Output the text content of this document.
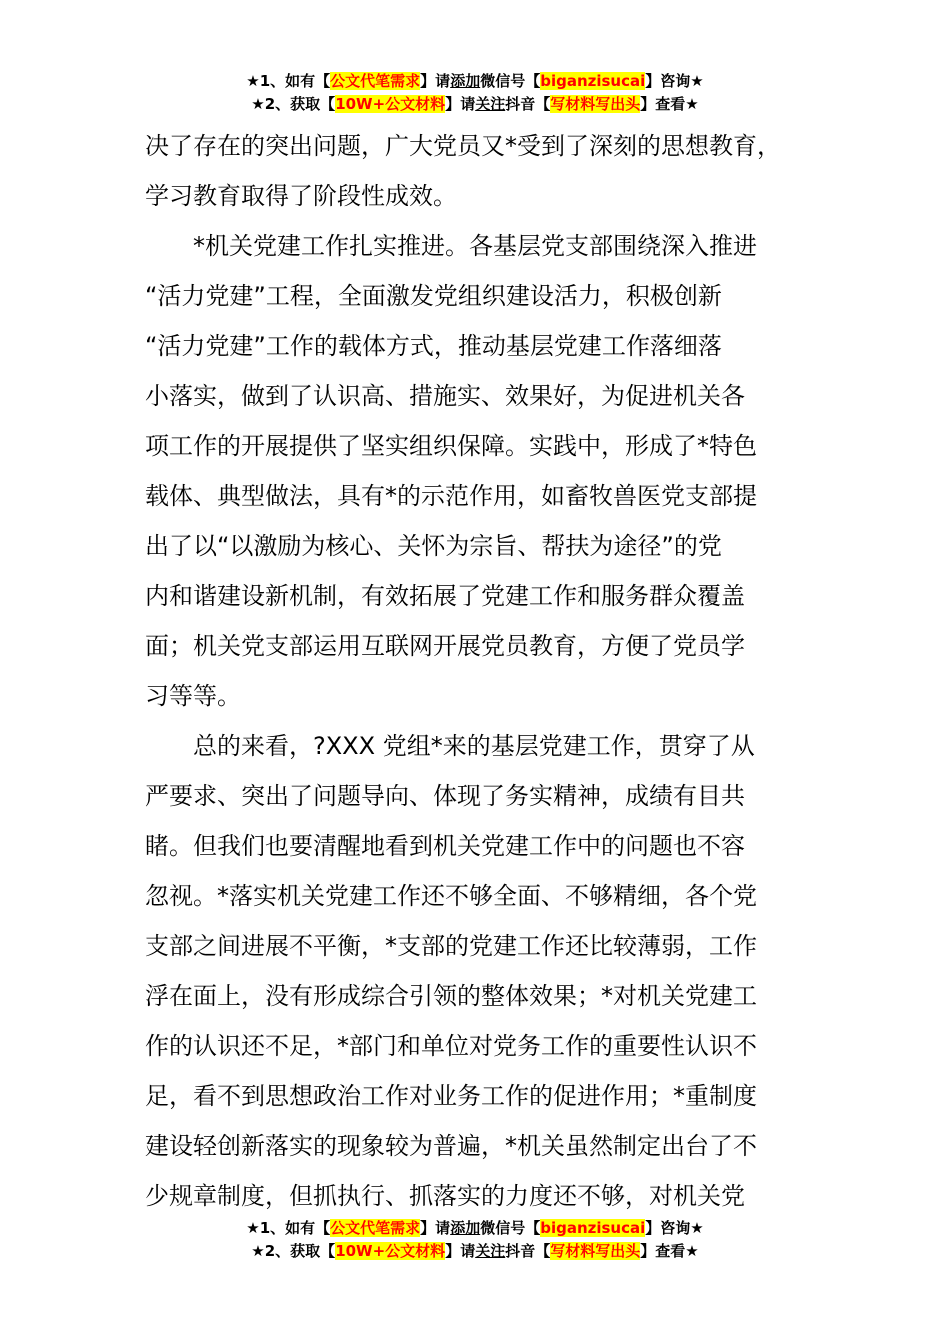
★1、如有【公文代笔需求】请添加微信号【biganzisucai】咨询★
★2、获取【10W+公文材料】请关注抖音【写材料写出头】查看★
决了存在的突出问题，广大党员又*受到了深刻的思想教育，
学习教育取得了阶段性成效。
*机关党建工作扎实推进。各基层党支部围绕深入推进
“活力党建”工程，全面激发党组织建设活力，积极创新
“活力党建”工作的载体方式，推动基层党建工作落细落
小落实，做到了认识高、措施实、效果好，为促进机关各
项工作的开展提供了坚实组织保障。实践中，形成了*特色
载体、典型做法，具有*的示范作用，如畜牧兽医党支部提
出了以“以激励为核心、关怀为宗旨、帮扶为途径”的党
内和谐建设新机制，有效拓展了党建工作和服务群众覆盖
面；机关党支部运用互联网开展党员教育，方便了党员学
习等等。
总的来看，?XXX 党组*来的基层党建工作，贯穿了从
严要求、突出了问题导向、体现了务实精神，成绩有目共
睹。但我们也要清醒地看到机关党建工作中的问题也不容
忽视。*落实机关党建工作还不够全面、不够精细，各个党
支部之间进展不平衡，*支部的党建工作还比较薄弱，工作
浮在面上，没有形成综合引领的整体效果；*对机关党建工
作的认识还不足，*部门和单位对党务工作的重要性认识不
足，看不到思想政治工作对业务工作的促进作用；*重制度
建设轻创新落实的现象较为普遍，*机关虽然制定出台了不
少规章制度，但抓执行、抓落实的力度还不够，对机关党
★1、如有【公文代笔需求】请添加微信号【biganzisucai】咨询★
★2、获取【10W+公文材料】请关注抖音【写材料写出头】查看★
